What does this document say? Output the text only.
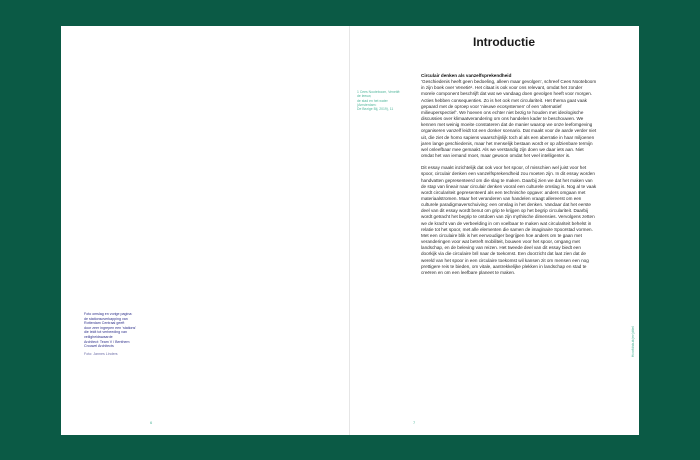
Foto omslag en vorige pagina:
de stationsoverkapping van
Rotterdam Centraal geeft
door zeer ingrepen een ‘stations’
die leidt tot verbeeding van
veiligheidswaarde
Architect: Team V / Benthem
Crouwel Architects
Foto: Jannes Linders
6
Introductie
1 Cees Nooteboom, Venetië: de leeuw,
de stad en het water (Amsterdam:
De Bezige Bij, 2019), 11
Circulair denken als vanzelfsprekendheid

‘Geschiedenis heeft geen bedoeling, alleen maar gevolgen’, schreef Cees Nooteboom in zijn boek over Venetië¹. Het citaat is ook voor ons relevant, omdat het zonder morele component beschrijft dat wat we vandaag doen gevolgen heeft voor morgen. Acties hebben consequenties. Zo is het ook met circulariteit. Het thema gaat vaak gepaard met de oproep voor ‘nieuwe ecosystemen’ of een ‘alternatief milieuperspectief’. We hoeven ons echter niet bezig te houden met ideologische discussies over klimaatverandering om ons handelen kader te beschouwen. We kennen met weinig moeite constateren dat de manier waarop we onze leefomgeving organiseren vanzelf leidt tot een donker scenario. Dat maakt voor de aarde verder niet uit, die ziet de homo sapiens waarschijnlijk toch al als een aberratie in haar miljoenen jaren lange geschiedenis, maar het menselijk bestaan wordt er op afzienbare termijn wel onleefbaar mee gemaakt. Als we verstandig zijn doen we daar iets aan. Niet omdat het van iemand moet, maar gewoon omdat het veel intelligenter is.

Dit essay maakt inzichtelijk dat ook voor het spoor, of misschien wel juist voor het spoor, circulair denken een vanzelfsprekendheid zou moeten zijn. In dit essay worden handvatten gepresenteerd om die slag te maken. Daarbij zien we dat het maken van de stap van lineair naar circulair denken vooral een culturele omslag is. Nog al te vaak wordt circulariteit gepresenteerd als een technische opgave: anders omgaan met materiaalstromen. Maar het veranderen van handelen vraagt allereerst om een culturele paradigmaverschuiving: een omslag in het denken. Vandaar dat het eerste deel van dit essay wordt benut om grip te krijgen op het begrip circulariteit. Daarbij wordt getracht het begrip te ontdoen van zijn mythische dimensies. Vervolgens zetten we de kracht van de verbeelding in om voelbaar te maken wat circulariteit behelst in relatie tot het spoor, met alle elementen die samen de imaginaire Spoorstad vormen. Met een circulaire blik is het eenvoudiger begrijpen hoe anders om te gaan met veranderingen voor wat betreft mobiliteit, bouwen voor het spoor, omgang met landschap, en de beleving van reizen. Het tweede deel van dit essay biedt een doorkijk via die circulaire bril naar de toekomst. Een doorzicht dat laat zien dat de wereld van het spoor in een circulaire toekomst wil kansen zit om mensen een nog prettigere reis te bieden, om vitale, aantrekkelijke plekken in landschap en stad te creëren en om een leefbare planeet te maken.

Hoofdstuk(en)titel
7
